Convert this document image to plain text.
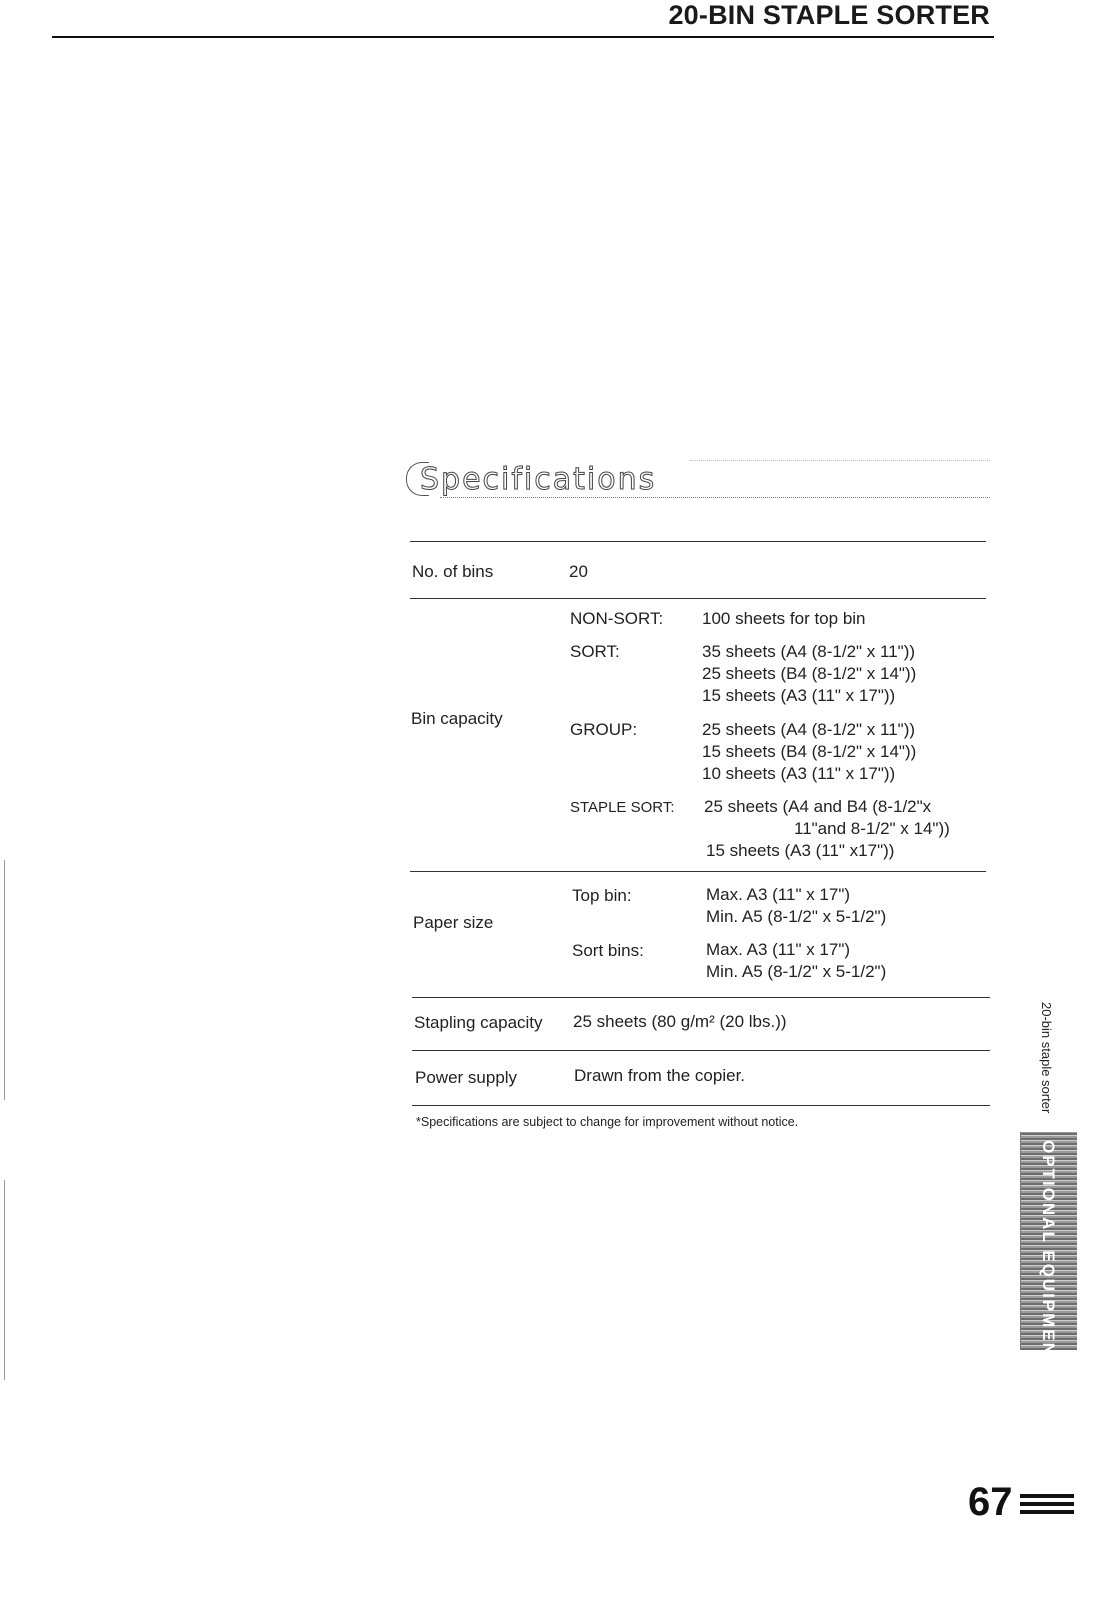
20-BIN STAPLE SORTER
Specifications
No. of bins	20
Bin capacity
NON-SORT: 100 sheets for top bin
SORT:	35 sheets (A4 (8-1/2" x 11"))
25 sheets (B4 (8-1/2" x 14"))
15 sheets (A3 (11" x 17"))
GROUP:	25 sheets (A4 (8-1/2" x 11"))
15 sheets (B4 (8-1/2" x 14"))
10 sheets (A3 (11" x 17"))
STAPLE SORT: 25 sheets (A4 and B4 (8-1/2"x
11"and 8-1/2" x 14"))
15 sheets (A3 (11" x17"))
Paper size
Top bin:	Max. A3 (11" x 17")
Min. A5 (8-1/2" x 5-1/2")
Sort bins:	Max. A3 (11" x 17")
Min. A5 (8-1/2" x 5-1/2")
Stapling capacity 25 sheets (80 g/m² (20 lbs.))
Power supply	Drawn from the copier.
*Specifications are subject to change for improvement without notice.
20-bin staple sorter
OPTIONAL EQUIPMENT
67
